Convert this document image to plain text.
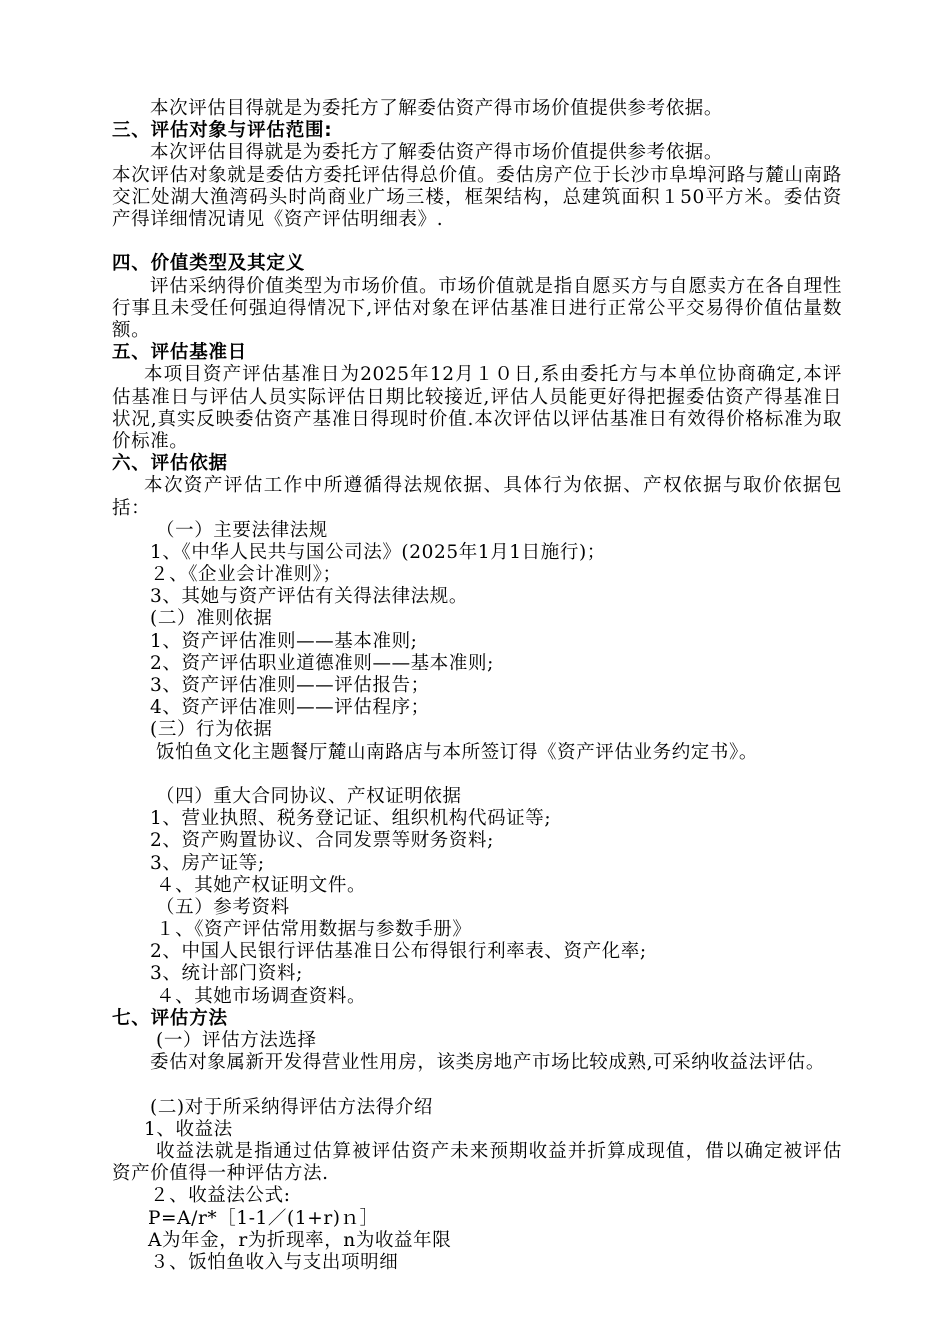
本次评估目得就是为委托方了解委估资产得市场价值提供参考依据。
三、评估对象与评估范围:
本次评估目得就是为委托方了解委估资产得市场价值提供参考依据。
本次评估对象就是委估方委托评估得总价值。委估房产位于长沙市阜埠河路与麓山南路交汇处湖大渔湾码头时尚商业广场三楼，框架结构，总建筑面积１50平方米。委估资产得详细情况请见《资产评估明细表》.
四、价值类型及其定义
评估采纳得价值类型为市场价值。市场价值就是指自愿买方与自愿卖方在各自理性行事且未受任何强迫得情况下,评估对象在评估基准日进行正常公平交易得价值估量数额。
五、评估基准日
本项目资产评估基准日为2025年12月１０日,系由委托方与本单位协商确定,本评估基准日与评估人员实际评估日期比较接近,评估人员能更好得把握委估资产得基准日状况,真实反映委估资产基准日得现时价值.本次评估以评估基准日有效得价格标准为取价标准。
六、评估依据
本次资产评估工作中所遵循得法规依据、具体行为依据、产权依据与取价依据包括：
（一）主要法律法规
1、《中华人民共与国公司法》(2025年1月1日施行)；
２、《企业会计准则》；
3、其她与资产评估有关得法律法规。
(二）准则依据
1、资产评估准则——基本准则;
2、资产评估职业道德准则——基本准则;
3、资产评估准则——评估报告；
4、资产评估准则——评估程序；
(三）行为依据
饭怕鱼文化主题餐厅麓山南路店与本所签订得《资产评估业务约定书》。
（四）重大合同协议、产权证明依据
1、营业执照、税务登记证、组织机构代码证等;
2、资产购置协议、合同发票等财务资料;
3、房产证等;
４、其她产权证明文件。
（五）参考资料
１、《资产评估常用数据与参数手册》
2、中国人民银行评估基准日公布得银行利率表、资产化率;
3、统计部门资料;
４、其她市场调查资料。
七、评估方法
(一）评估方法选择
委估对象属新开发得营业性用房，该类房地产市场比较成熟,可采纳收益法评估。
(二)对于所采纳得评估方法得介绍
1、收益法
收益法就是指通过估算被评估资产未来预期收益并折算成现值，借以确定被评估资产价值得一种评估方法.
２、收益法公式:
P=A/r*［1-1／(1+r)ｎ］
A为年金，r为折现率，n为收益年限
３、饭怕鱼收入与支出项明细
